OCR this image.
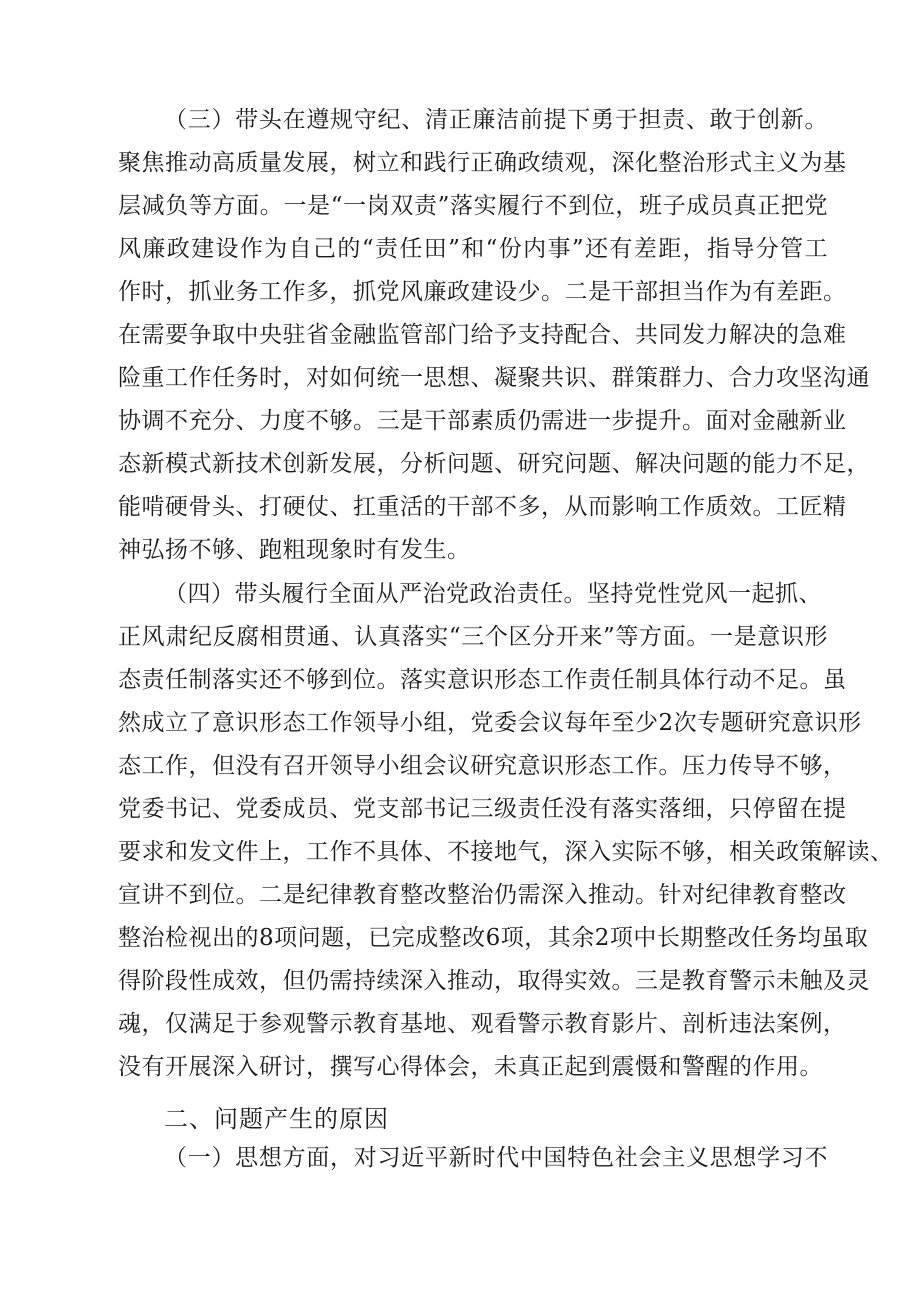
（三）带头在遵规守纪、清正廉洁前提下勇于担责、敢于创新。
聚焦推动高质量发展，树立和践行正确政绩观，深化整治形式主义为基
层减负等方面。一是“一岗双责”落实履行不到位，班子成员真正把党
风廉政建设作为自己的“责任田”和“份内事”还有差距，指导分管工
作时，抓业务工作多，抓党风廉政建设少。二是干部担当作为有差距。
在需要争取中央驻省金融监管部门给予支持配合、共同发力解决的急难
险重工作任务时，对如何统一思想、凝聚共识、群策群力、合力攻坚沟通
协调不充分、力度不够。三是干部素质仍需进一步提升。面对金融新业
态新模式新技术创新发展，分析问题、研究问题、解决问题的能力不足，
能啃硬骨头、打硬仗、扛重活的干部不多，从而影响工作质效。工匠精
神弘扬不够、跑粗现象时有发生。
（四）带头履行全面从严治党政治责任。坚持党性党风一起抓、
正风肃纪反腐相贯通、认真落实“三个区分开来”等方面。一是意识形
态责任制落实还不够到位。落实意识形态工作责任制具体行动不足。虽
然成立了意识形态工作领导小组，党委会议每年至少2次专题研究意识形
态工作，但没有召开领导小组会议研究意识形态工作。压力传导不够，
党委书记、党委成员、党支部书记三级责任没有落实落细，只停留在提
要求和发文件上，工作不具体、不接地气，深入实际不够，相关政策解读、
宣讲不到位。二是纪律教育整改整治仍需深入推动。针对纪律教育整改
整治检视出的8项问题，已完成整改6项，其余2项中长期整改任务均虽取
得阶段性成效，但仍需持续深入推动，取得实效。三是教育警示未触及灵
魂，仅满足于参观警示教育基地、观看警示教育影片、剖析违法案例，
没有开展深入研讨，撰写心得体会，未真正起到震慑和警醒的作用。
二、问题产生的原因
（一）思想方面，对习近平新时代中国特色社会主义思想学习不
